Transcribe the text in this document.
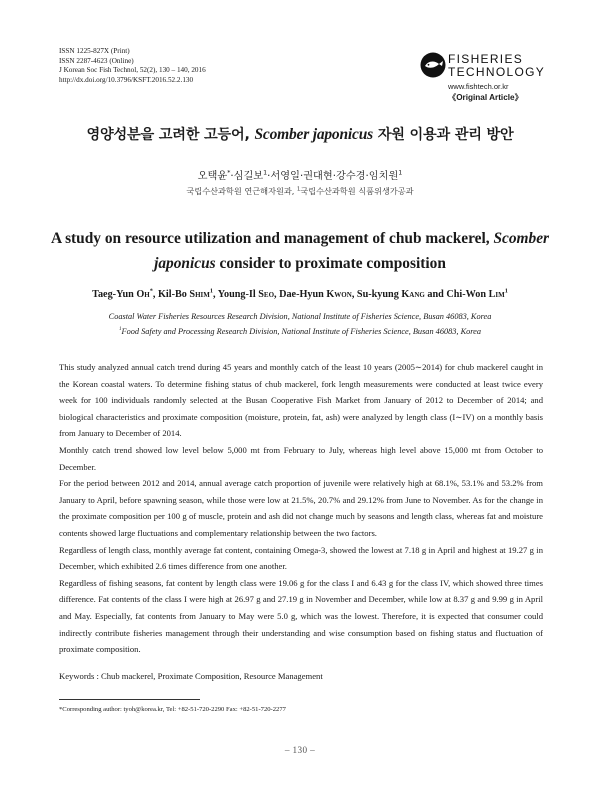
ISSN 1225-827X (Print)
ISSN 2287-4623 (Online)
J Korean Soc Fish Technol, 52(2), 130 – 140, 2016
http://dx.doi.org/10.3796/KSFT.2016.52.2.130
FISHERIES
TECHNOLOGY
www.fishtech.or.kr
《Original Article》
영양성분을 고려한 고등어, Scomber japonicus 자원 이용과 관리 방안
오택윤*·심길보$^1$·서영일·권대현·강수경·임치원$^1$
국립수산과학원 연근해자원과, $^1$국립수산과학원 식품위생가공과
A study on resource utilization and management of chub mackerel, Scomber japonicus consider to proximate composition
Taeg-Yun Oh*, Kil-Bo Shim$^1$, Young-Il Seo, Dae-Hyun Kwon, Su-kyung Kang and Chi-Won Lim$^1$
Coastal Water Fisheries Resources Research Division, National Institute of Fisheries Science, Busan 46083, Korea
$^1$Food Safety and Processing Research Division, National Institute of Fisheries Science, Busan 46083, Korea

This study analyzed annual catch trend during 45 years and monthly catch of the least 10 years (2005∼2014) for chub mackerel caught in the Korean coastal waters. To determine fishing status of chub mackerel, fork length measurements were conducted at least twice every week for 100 individuals randomly selected at the Busan Cooperative Fish Market from January of 2012 to December of 2014; and biological characteristics and proximate composition (moisture, protein, fat, ash) were analyzed by length class (I∼IV) on a monthly basis from January to December of 2014.

Monthly catch trend showed low level below 5,000 mt from February to July, whereas high level above 15,000 mt from October to December.

For the period between 2012 and 2014, annual average catch proportion of juvenile were relatively high at 68.1%, 53.1% and 53.2% from January to April, before spawning season, while those were low at 21.5%, 20.7% and 29.12% from June to November. As for the change in the proximate composition per 100 g of muscle, protein and ash did not change much by seasons and length class, whereas fat and moisture contents showed large fluctuations and complementary relationship between the two factors.

Regardless of length class, monthly average fat content, containing Omega-3, showed the lowest at 7.18 g in April and highest at 19.27 g in December, which exhibited 2.6 times difference from one another.

Regardless of fishing seasons, fat content by length class were 19.06 g for the class I and 6.43 g for the class IV, which showed three times difference. Fat contents of the class I were high at 26.97 g and 27.19 g in November and December, while low at 8.37 g and 9.99 g in April and May. Especially, fat contents from January to May were 5.0 g, which was the lowest. Therefore, it is expected that consumer could indirectly contribute fisheries management through their understanding and wise consumption based on fishing status and fluctuation of proximate composition.

Keywords : Chub mackerel, Proximate Composition, Resource Management
*Corresponding author: tyoh@korea.kr, Tel: +82-51-720-2290 Fax: +82-51-720-2277
– 130 –
